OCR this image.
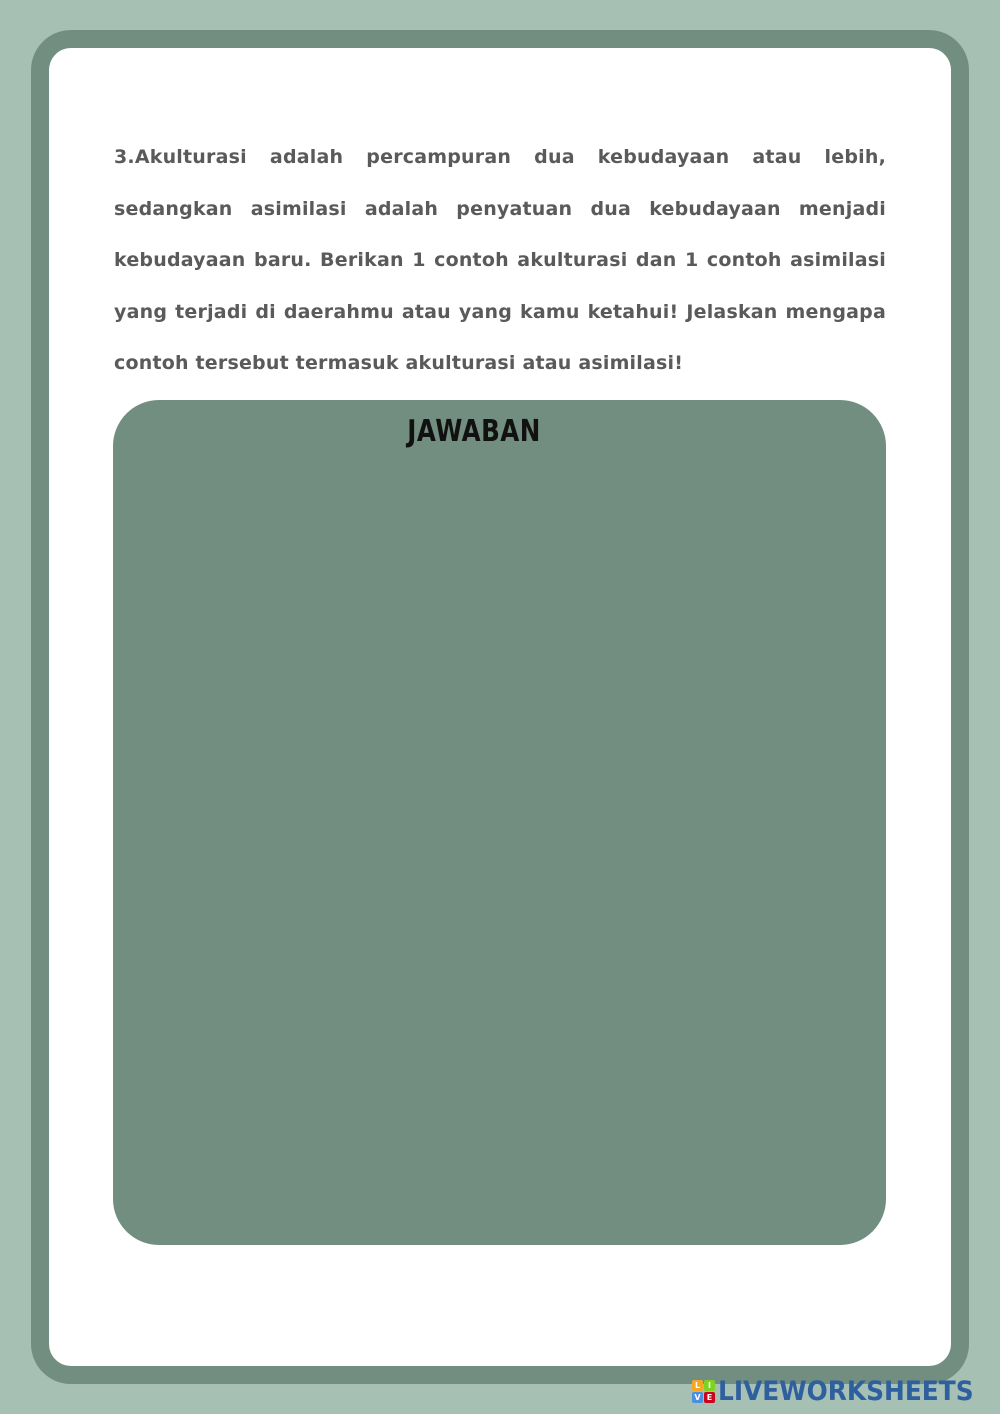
3.Akulturasi adalah percampuran dua kebudayaan atau lebih, sedangkan asimilasi adalah penyatuan dua kebudayaan menjadi kebudayaan baru. Berikan 1 contoh akulturasi dan 1 contoh asimilasi yang terjadi di daerahmu atau yang kamu ketahui! Jelaskan mengapa contoh tersebut termasuk akulturasi atau asimilasi!

JAWABAN
L I
V E LIVEWORKSHEETS
